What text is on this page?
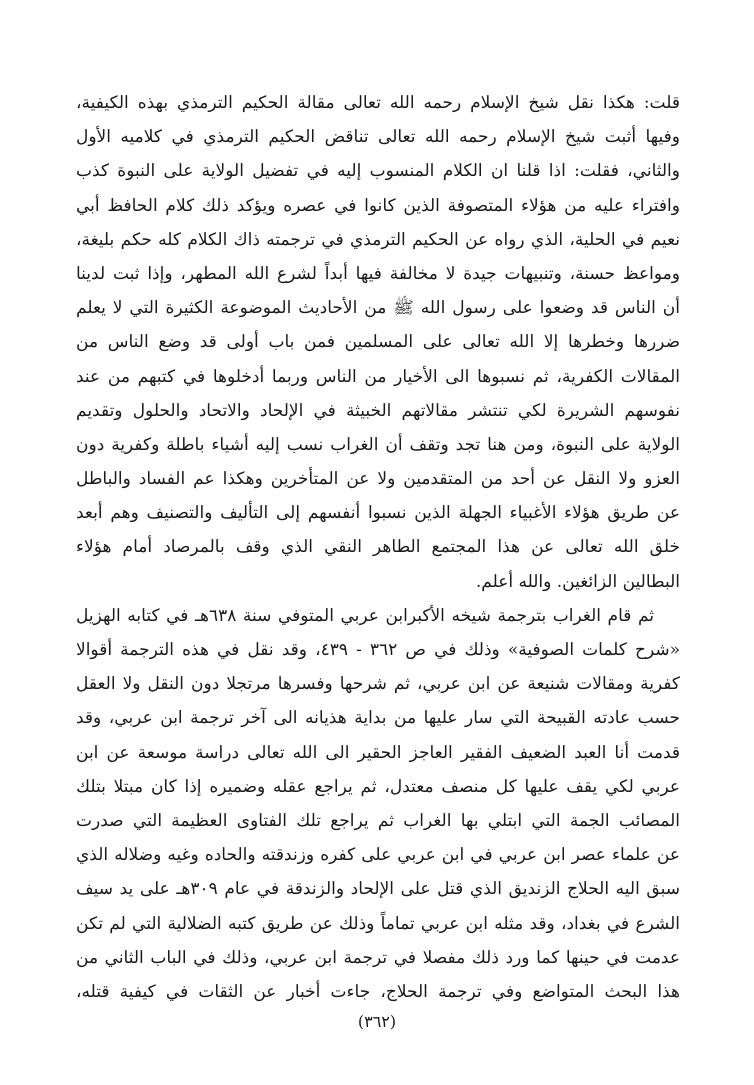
قلت: هكذا نقل شيخ الإسلام رحمه الله تعالى مقالة الحكيم الترمذي بهذه الكيفية،
وفيها أثبت شيخ الإسلام رحمه الله تعالى تناقض الحكيم الترمذي في كلاميه الأول
والثاني، فقلت: اذا قلنا ان الكلام المنسوب إليه في تفضيل الولاية على النبوة كذب
وافتراء عليه من هؤلاء المتصوفة الذين كانوا في عصره ويؤكد ذلك كلام الحافظ أبي
نعيم في الحلية، الذي رواه عن الحكيم الترمذي في ترجمته ذاك الكلام كله حكم بليغة،
ومواعظ حسنة، وتنبيهات جيدة لا مخالفة فيها أبداً لشرع الله المطهر، وإذا ثبت لدينا
أن الناس قد وضعوا على رسول الله ﷺ من الأحاديث الموضوعة الكثيرة التي لا يعلم
ضررها وخطرها إلا الله تعالى على المسلمين فمن باب أولى قد وضع الناس من
المقالات الكفرية، ثم نسبوها الى الأخيار من الناس وربما أدخلوها في كتبهم من عند
نفوسهم الشريرة لكي تنتشر مقالاتهم الخبيثة في الإلحاد والاتحاد والحلول وتقديم
الولاية على النبوة، ومن هنا تجد وتقف أن الغراب نسب إليه أشياء باطلة وكفرية دون
العزو ولا النقل عن أحد من المتقدمين ولا عن المتأخرين وهكذا عم الفساد والباطل
عن طريق هؤلاء الأغبياء الجهلة الذين نسبوا أنفسهم إلى التأليف والتصنيف وهم أبعد
خلق الله تعالى عن هذا المجتمع الطاهر النقي الذي وقف بالمرصاد أمام هؤلاء
البطالين الزائغين. والله أعلم.
ثم قام الغراب بترجمة شيخه الأكبرابن عربي المتوفي سنة ٦٣٨هـ في كتابه الهزيل
«شرح كلمات الصوفية» وذلك في ص ٣٦٢ - ٤٣٩، وقد نقل في هذه الترجمة أقوالا
كفرية ومقالات شنيعة عن ابن عربي، ثم شرحها وفسرها مرتجلا دون النقل ولا العقل
حسب عادته القبيحة التي سار عليها من بداية هذيانه الى آخر ترجمة ابن عربي، وقد
قدمت أنا العبد الضعيف الفقير العاجز الحقير الى الله تعالى دراسة موسعة عن ابن
عربي لكي يقف عليها كل منصف معتدل، ثم يراجع عقله وضميره إذا كان مبتلا بتلك
المصائب الجمة التي ابتلي بها الغراب ثم يراجع تلك الفتاوى العظيمة التي صدرت
عن علماء عصر ابن عربي في ابن عربي على كفره وزندقته والحاده وغيه وضلاله الذي
سبق اليه الحلاج الزنديق الذي قتل على الإلحاد والزندقة في عام ٣٠٩هـ على يد سيف
الشرع في بغداد، وقد مثله ابن عربي تماماً وذلك عن طريق كتبه الضلالية التي لم تكن
عدمت في حينها كما ورد ذلك مفصلا في ترجمة ابن عربي، وذلك في الباب الثاني من
هذا البحث المتواضع وفي ترجمة الحلاج، جاءت أخبار عن الثقات في كيفية قتله،
(٣٦٢)
